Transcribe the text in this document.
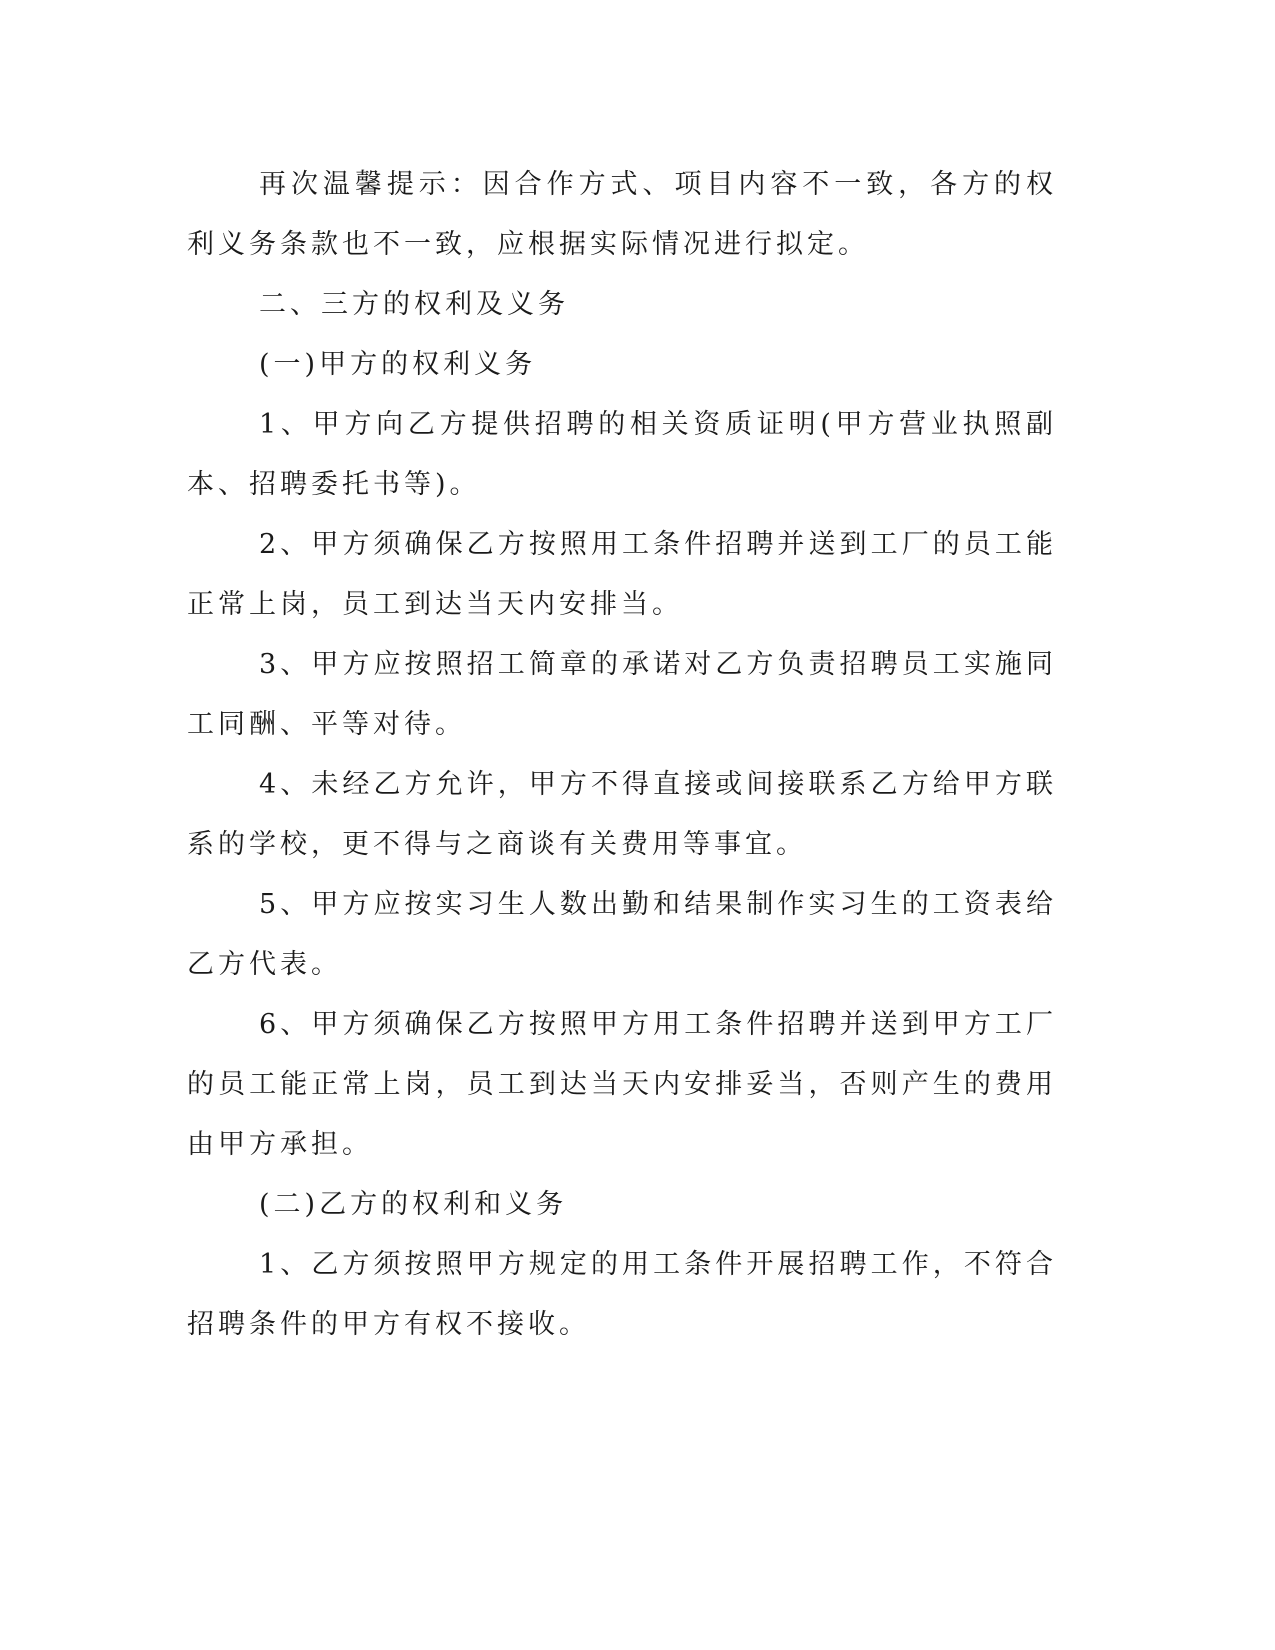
再次温馨提示：因合作方式、项目内容不一致，各方的权利义务条款也不一致，应根据实际情况进行拟定。

二、三方的权利及义务

(一)甲方的权利义务

1、甲方向乙方提供招聘的相关资质证明(甲方营业执照副本、招聘委托书等)。

2、甲方须确保乙方按照用工条件招聘并送到工厂的员工能正常上岗，员工到达当天内安排当。

3、甲方应按照招工简章的承诺对乙方负责招聘员工实施同工同酬、平等对待。

4、未经乙方允许，甲方不得直接或间接联系乙方给甲方联系的学校，更不得与之商谈有关费用等事宜。

5、甲方应按实习生人数出勤和结果制作实习生的工资表给乙方代表。

6、甲方须确保乙方按照甲方用工条件招聘并送到甲方工厂的员工能正常上岗，员工到达当天内安排妥当，否则产生的费用由甲方承担。

(二)乙方的权利和义务

1、乙方须按照甲方规定的用工条件开展招聘工作，不符合招聘条件的甲方有权不接收。
